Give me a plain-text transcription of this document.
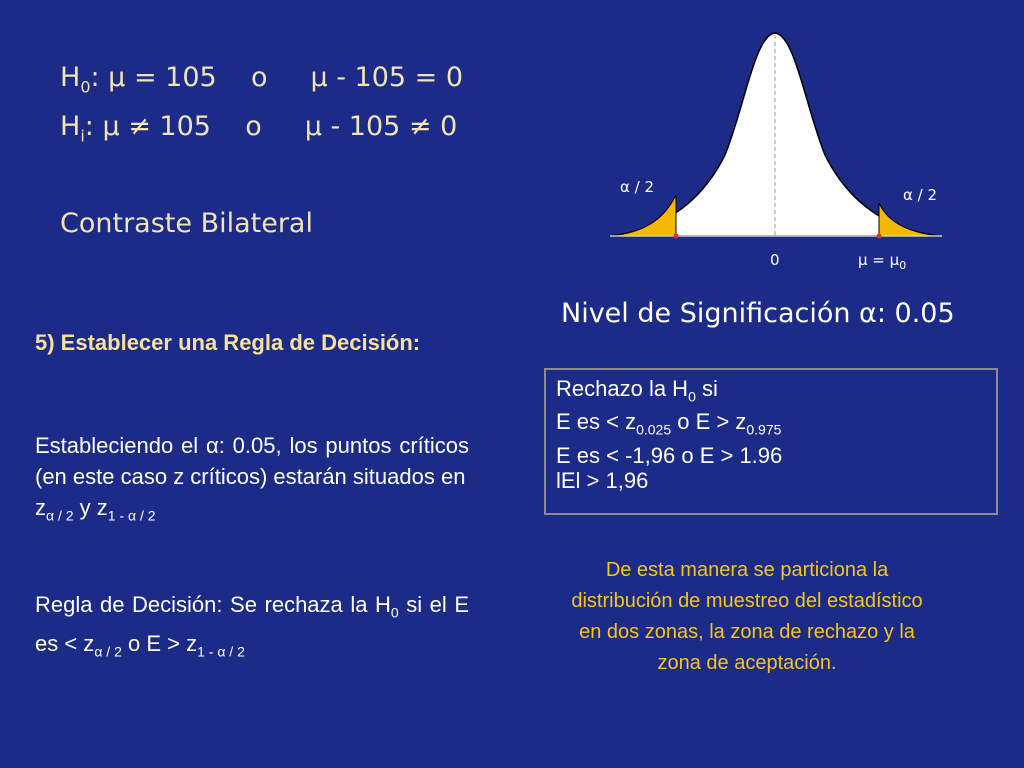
$H_0$: μ = 105    o     μ - 105 = 0
$H_i$: μ ≠ 105    o     μ - 105 ≠ 0
Contraste Bilateral
α / 2	α / 2
0	$\mu = \mu_0$
Nivel de Significación α: 0.05
5) Establecer una Regla de Decisión:
Estableciendo el α: 0.05, los puntos críticos (en este caso z críticos) estarán situados en
$z_{\alpha / 2}$ y $z_{1 - \alpha / 2}$
Regla de Decisión: Se rechaza la $H_0$ si el E es < $z_{\alpha / 2}$ o $E > z_{1 - \alpha / 2}$
Rechazo la $H_0$ si
E es < $z_{0.025}$ o $E > z_{0.975}$
E es < -1,96 o E > 1.96
lEl > 1,96
De esta manera se particiona la distribución de muestreo del estadístico en dos zonas, la zona de rechazo y la zona de aceptación.
